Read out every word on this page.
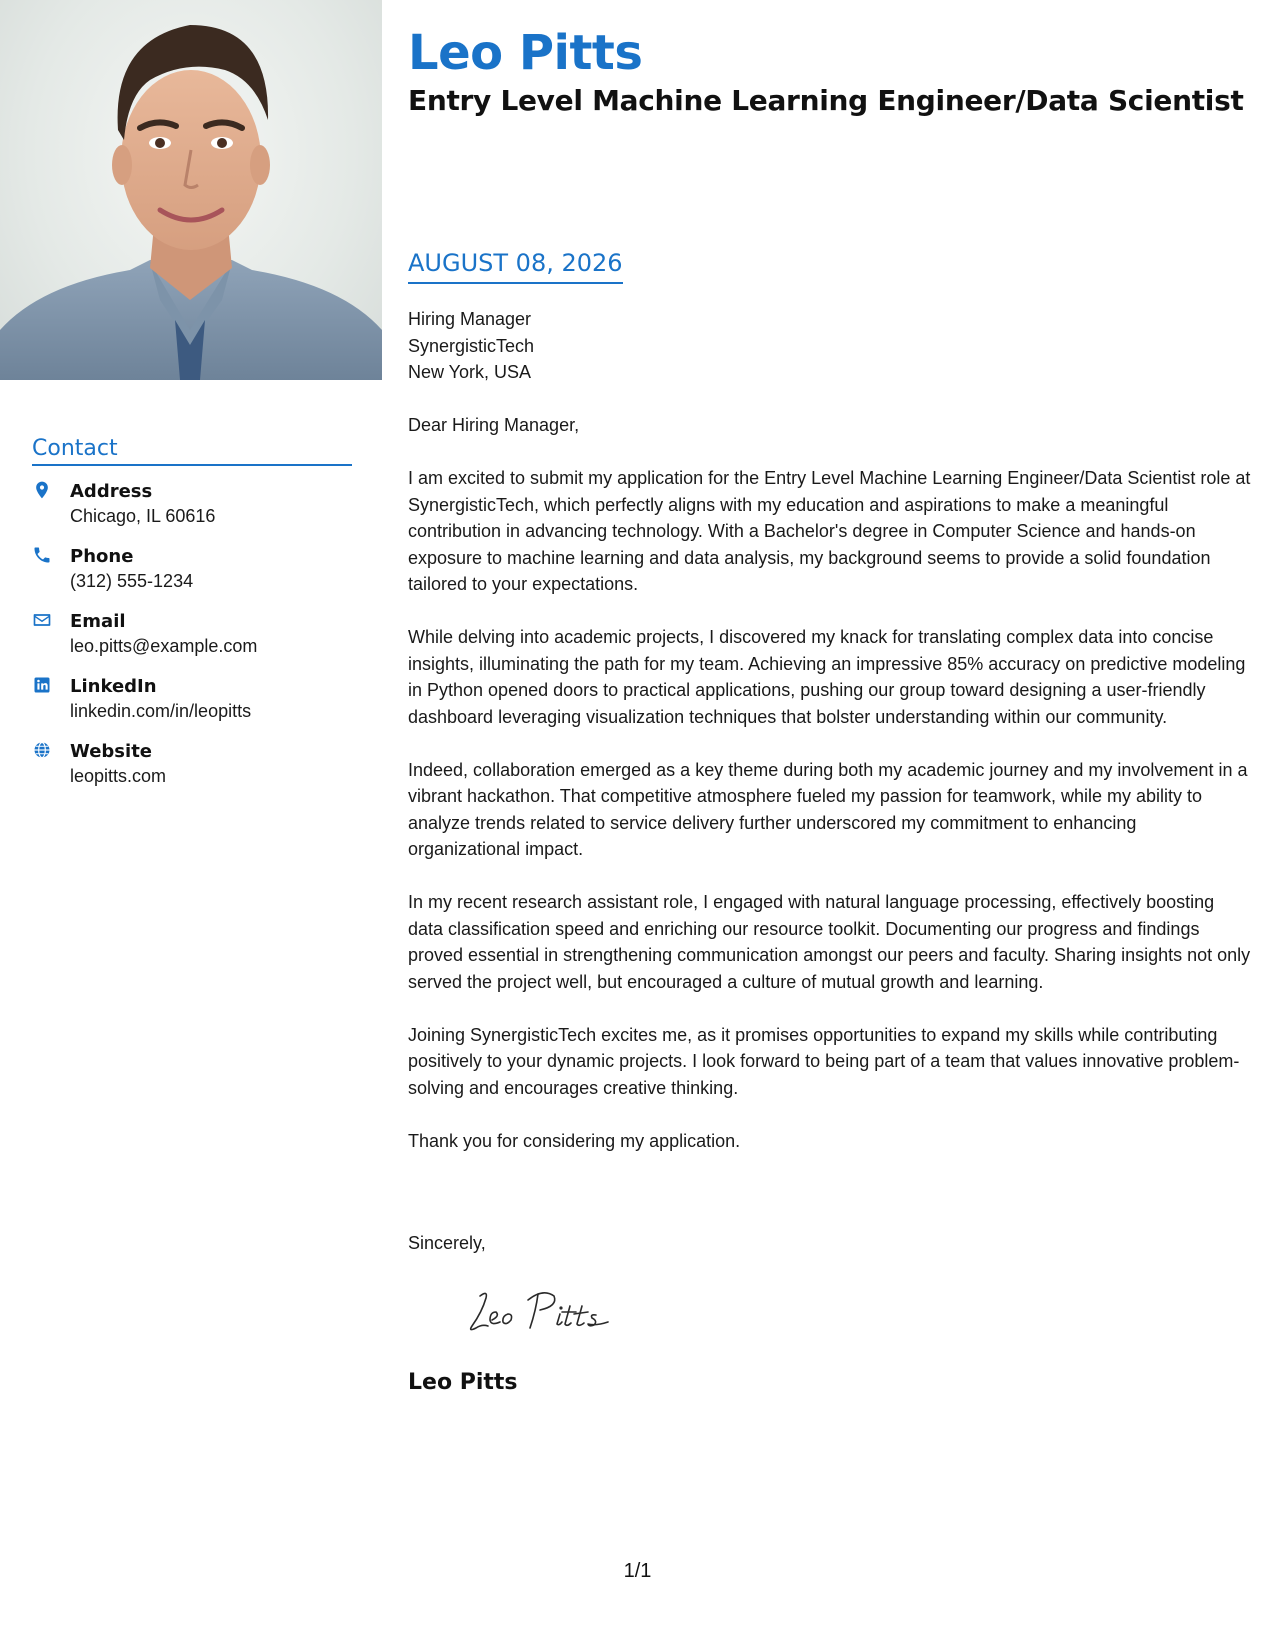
Contact
Address
Chicago, IL 60616
Phone
(312) 555-1234
Email
leo.pitts@example.com
LinkedIn
linkedin.com/in/leopitts
Website
leopitts.com
Leo Pitts
Entry Level Machine Learning Engineer/Data Scientist
AUGUST 08, 2026
Hiring Manager
SynergisticTech
New York, USA

Dear Hiring Manager,

I am excited to submit my application for the Entry Level Machine Learning Engineer/Data Scientist role at SynergisticTech, which perfectly aligns with my education and aspirations to make a meaningful contribution in advancing technology. With a Bachelor's degree in Computer Science and hands-on exposure to machine learning and data analysis, my background seems to provide a solid foundation tailored to your expectations.

While delving into academic projects, I discovered my knack for translating complex data into concise insights, illuminating the path for my team. Achieving an impressive 85% accuracy on predictive modeling in Python opened doors to practical applications, pushing our group toward designing a user-friendly dashboard leveraging visualization techniques that bolster understanding within our community.

Indeed, collaboration emerged as a key theme during both my academic journey and my involvement in a vibrant hackathon. That competitive atmosphere fueled my passion for teamwork, while my ability to analyze trends related to service delivery further underscored my commitment to enhancing organizational impact.

In my recent research assistant role, I engaged with natural language processing, effectively boosting data classification speed and enriching our resource toolkit. Documenting our progress and findings proved essential in strengthening communication amongst our peers and faculty. Sharing insights not only served the project well, but encouraged a culture of mutual growth and learning.

Joining SynergisticTech excites me, as it promises opportunities to expand my skills while contributing positively to your dynamic projects. I look forward to being part of a team that values innovative problem-solving and encourages creative thinking.

Thank you for considering my application.

Sincerely,
Leo Pitts
1/1
